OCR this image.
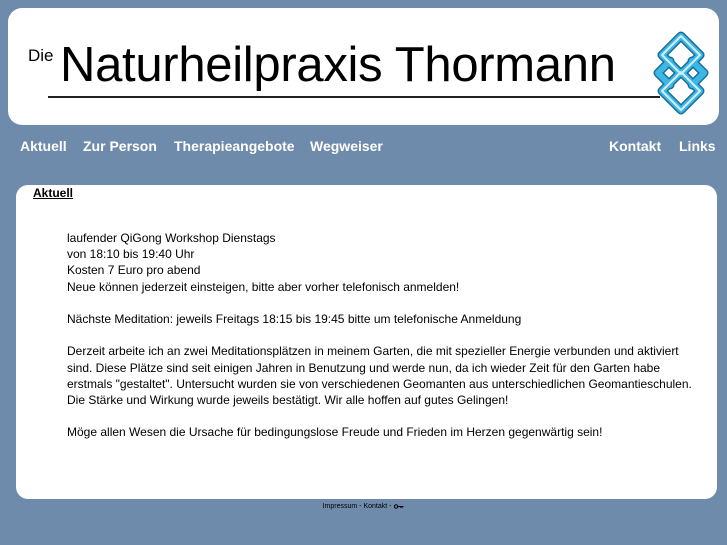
Die Naturheilpraxis Thormann
Aktuell Zur Person Therapieangebote Wegweiser	Kontakt Links
Aktuell

laufender QiGong Workshop Dienstags
von 18:10 bis 19:40 Uhr
Kosten 7 Euro pro abend
Neue können jederzeit einsteigen, bitte aber vorher telefonisch anmelden!

Nächste Meditation: jeweils Freitags 18:15 bis 19:45 bitte um telefonische Anmeldung

Derzeit arbeite ich an zwei Meditationsplätzen in meinem Garten, die mit spezieller Energie verbunden und aktiviert
sind. Diese Plätze sind seit einigen Jahren in Benutzung und werde nun, da ich wieder Zeit für den Garten habe
erstmals "gestaltet". Untersucht wurden sie von verschiedenen Geomanten aus unterschiedlichen Geomantieschulen.
Die Stärke und Wirkung wurde jeweils bestätigt. Wir alle hoffen auf gutes Gelingen!

Möge allen Wesen die Ursache für bedingungslose Freude und Frieden im Herzen gegenwärtig sein!

Impressum - Kontakt -
